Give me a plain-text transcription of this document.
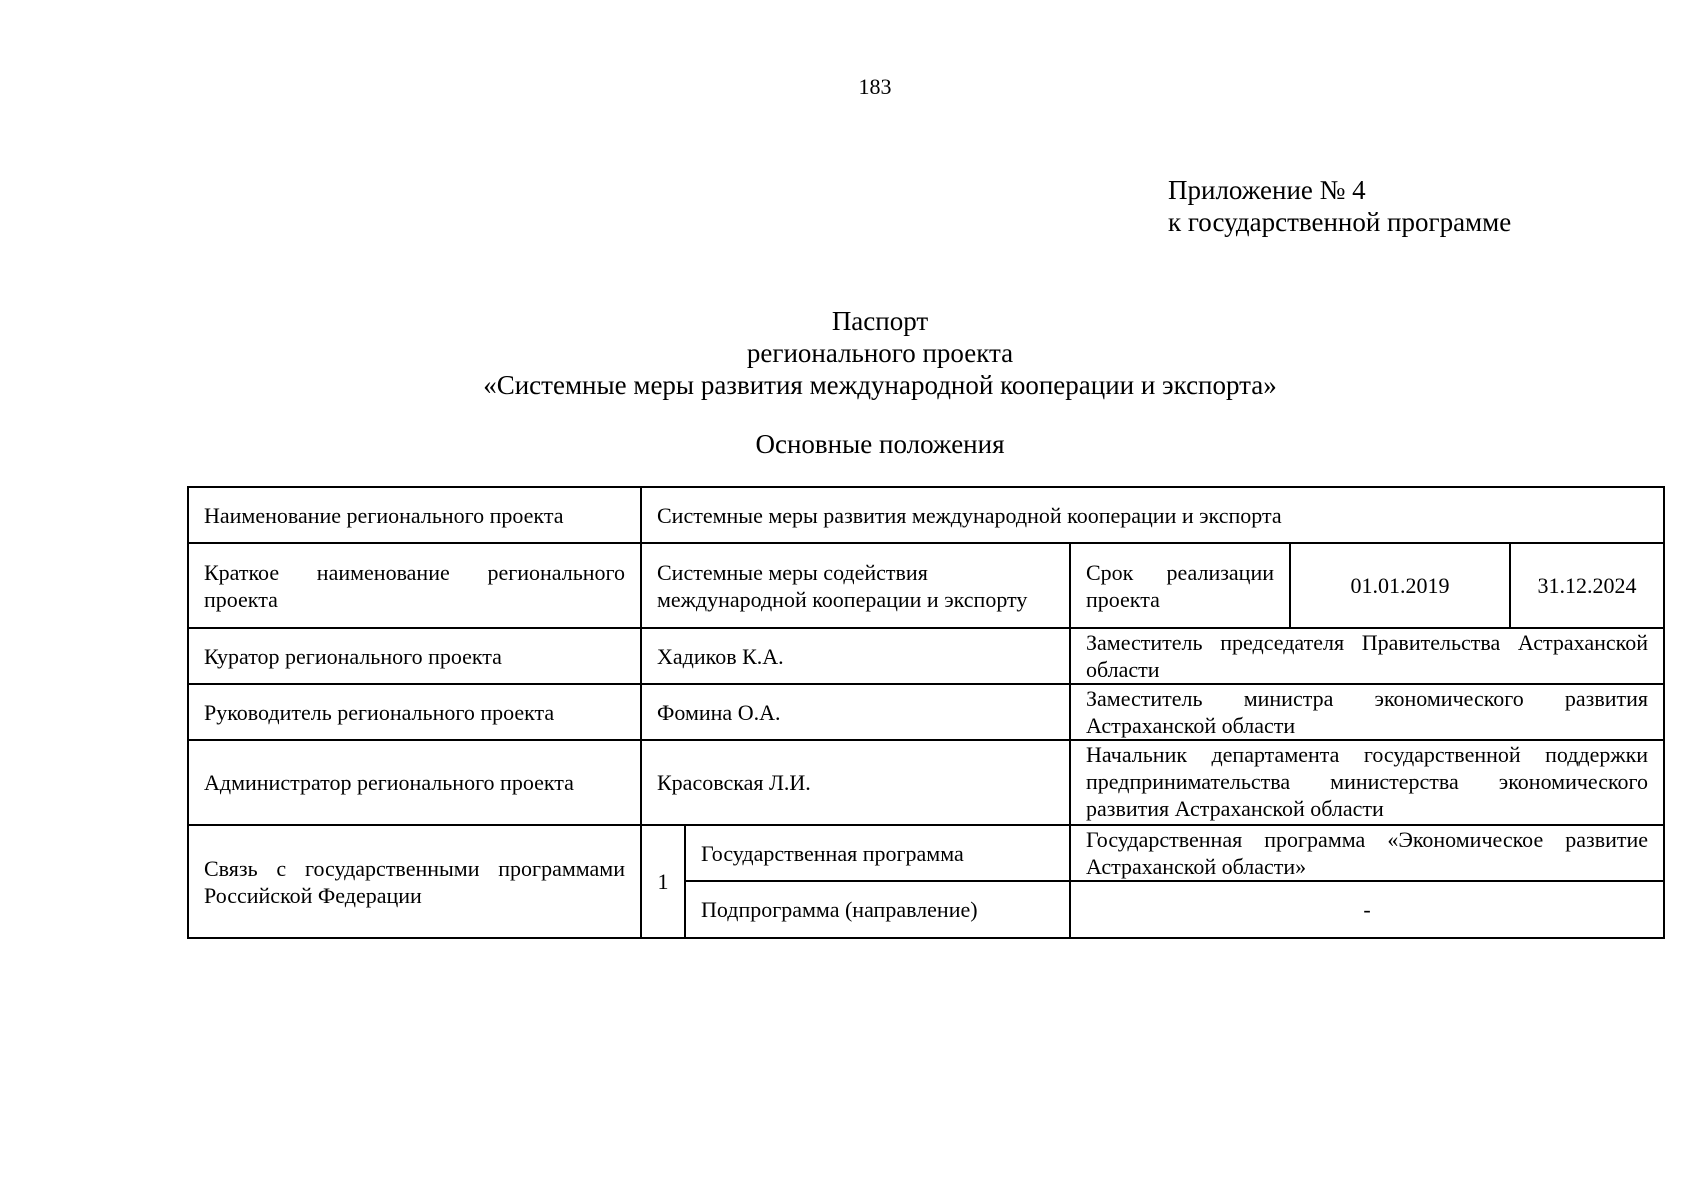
183
Приложение № 4
к государственной программе
Паспорт
регионального проекта
«Системные меры развития международной кооперации и экспорта»
Основные положения
Наименование регионального проекта	Системные меры развития международной кооперации и экспорта				
Краткое наименование регионального проекта	Системные меры содействия международной кооперации и экспорту		Срок реализации проекта	01.01.2019	31.12.2024
Куратор регионального проекта	Хадиков К.А.		Заместитель председателя Правительства Астраханской области		
Руководитель регионального проекта	Фомина О.А.		Заместитель министра экономического развития Астраханской области		
Администратор регионального проекта	Красовская Л.И.		Начальник департамента государственной поддержки предпринимательства министерства экономического развития Астраханской области		
Связь с государственными программами Российской Федерации	1	Государственная программа	Государственная программа «Экономическое развитие Астраханской области»		
		Подпрограмма (направление)	-		
